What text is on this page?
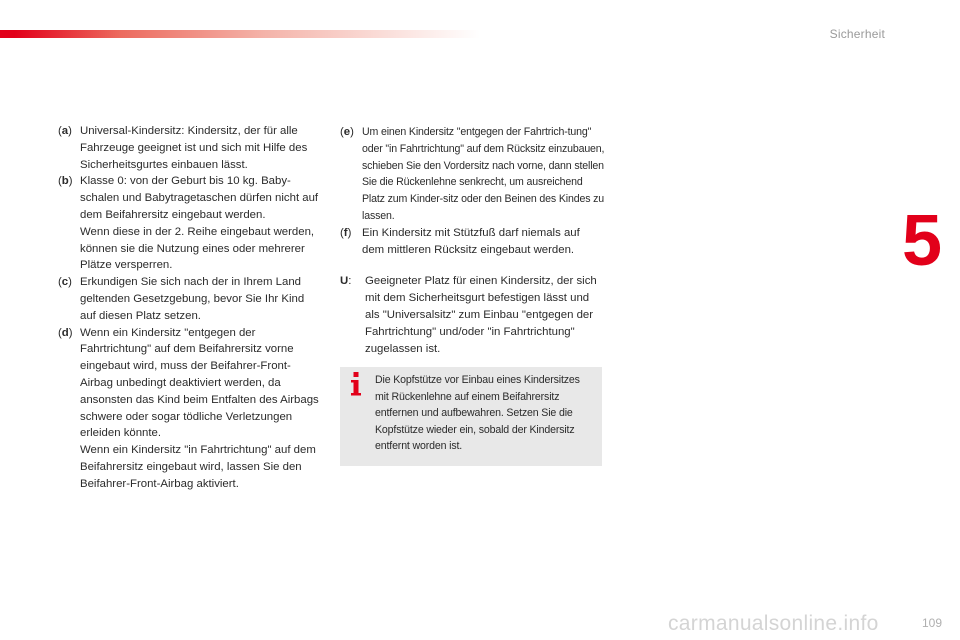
Sicherheit
5
(a) Universal-Kindersitz: Kindersitz, der für alle Fahrzeuge geeignet ist und sich mit Hilfe des Sicherheitsgurtes einbauen lässt.

(b) Klasse 0: von der Geburt bis 10 kg. Baby-schalen und Babytragetaschen dürfen nicht auf dem Beifahrersitz eingebaut werden.

Wenn diese in der 2. Reihe eingebaut werden, können sie die Nutzung eines oder mehrerer Plätze versperren.

(c) Erkundigen Sie sich nach der in Ihrem Land geltenden Gesetzgebung, bevor Sie Ihr Kind auf diesen Platz setzen.

(d) Wenn ein Kindersitz "entgegen der Fahrtrichtung" auf dem Beifahrersitz vorne eingebaut wird, muss der Beifahrer-Front-Airbag unbedingt deaktiviert werden, da ansonsten das Kind beim Entfalten des Airbags schwere oder sogar tödliche Verletzungen erleiden könnte.

Wenn ein Kindersitz "in Fahrtrichtung" auf dem Beifahrersitz eingebaut wird, lassen Sie den Beifahrer-Front-Airbag aktiviert.

(e) Um einen Kindersitz "entgegen der Fahrtrich-tung" oder "in Fahrtrichtung" auf dem Rücksitz einzubauen, schieben Sie den Vordersitz nach vorne, dann stellen Sie die Rückenlehne senkrecht, um ausreichend Platz zum Kinder-sitz oder den Beinen des Kindes zu lassen.

(f) Ein Kindersitz mit Stützfuß darf niemals auf dem mittleren Rücksitz eingebaut werden.

U:	Geeigneter Platz für einen Kindersitz, der sich mit dem Sicherheitsgurt befestigen lässt und als "Universalsitz" zum Einbau "entgegen der Fahrtrichtung" und/oder "in Fahrtrichtung" zugelassen ist.

Die Kopfstütze vor Einbau eines Kindersitzes mit Rückenlehne auf einem Beifahrersitz entfernen und aufbewahren. Setzen Sie die Kopfstütze wieder ein, sobald der Kindersitz entfernt worden ist.
carmanualsonline.info	109
